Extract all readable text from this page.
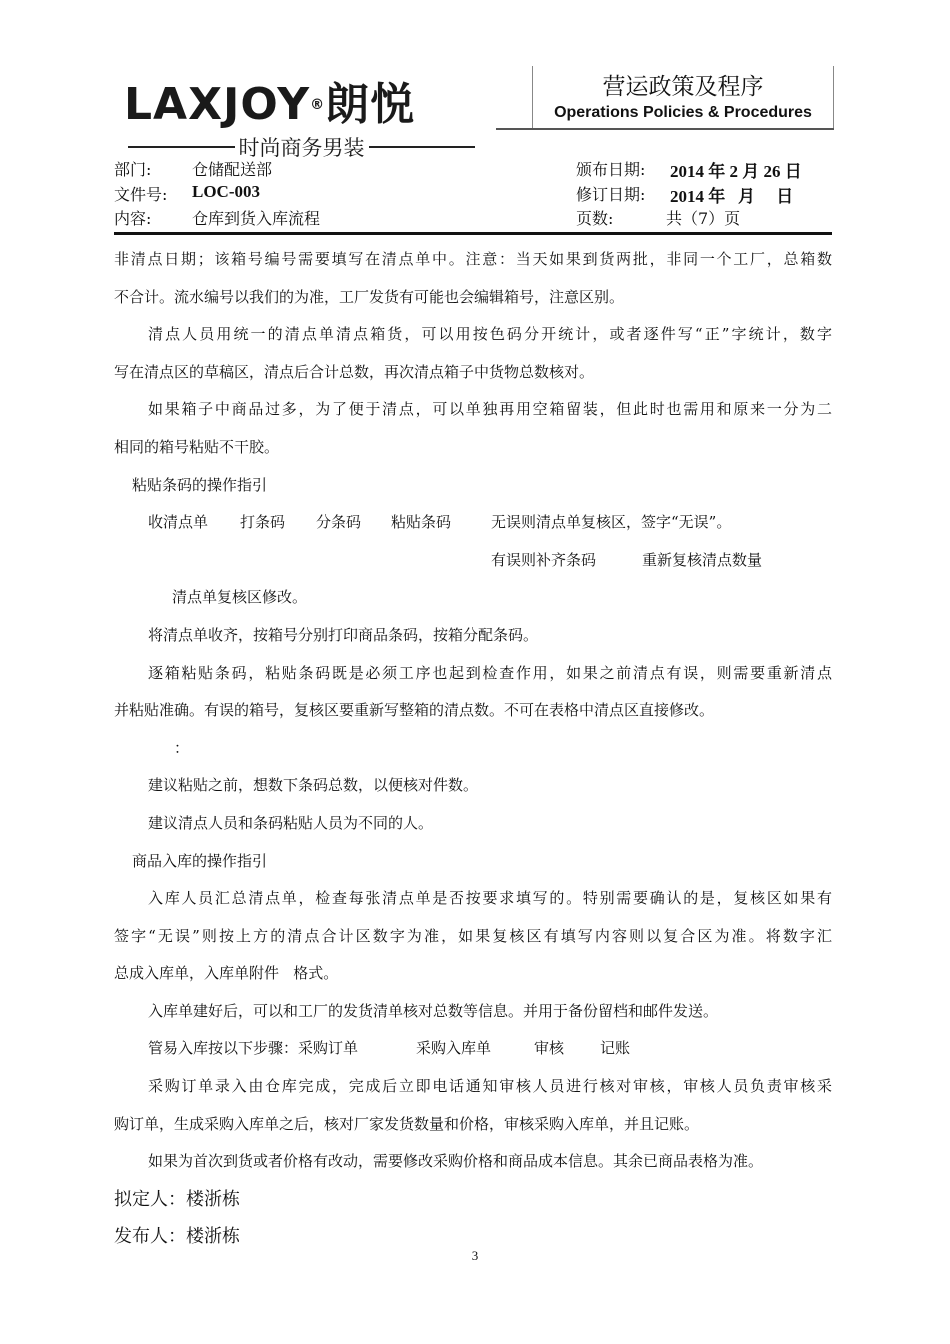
LAXJOY®朗悦
时尚商务男装
营运政策及程序
Operations Policies & Procedures
部门:	仓储配送部	颁布日期: 2014 年 2 月 26 日
文件号: LOC-003	修订日期: 2014 年   月     日
内容:	仓库到货入库流程	页数:	共（7）页

非清点日期；该箱号编号需要填写在清点单中。注意：当天如果到货两批，非同一个工厂，总箱数

不合计。流水编号以我们的为准，工厂发货有可能也会编辑箱号，注意区别。

清点人员用统一的清点单清点箱货，可以用按色码分开统计，或者逐件写“正”字统计，数字

写在清点区的草稿区，清点后合计总数，再次清点箱子中货物总数核对。

如果箱子中商品过多，为了便于清点，可以单独再用空箱留装，但此时也需用和原来一分为二

相同的箱号粘贴不干胶。

粘贴条码的操作指引

收清点单 打条码 分条码 粘贴条码	无误则清点单复核区，签字“无误”。

有误则补齐条码	重新复核清点数量

清点单复核区修改。

将清点单收齐，按箱号分别打印商品条码，按箱分配条码。

逐箱粘贴条码，粘贴条码既是必须工序也起到检查作用，如果之前清点有误，则需要重新清点

并粘贴准确。有误的箱号，复核区要重新写整箱的清点数。不可在表格中清点区直接修改。

：

建议粘贴之前，想数下条码总数，以便核对件数。

建议清点人员和条码粘贴人员为不同的人。

商品入库的操作指引

入库人员汇总清点单，检查每张清点单是否按要求填写的。特别需要确认的是，复核区如果有

签字“无误”则按上方的清点合计区数字为准，如果复核区有填写内容则以复合区为准。将数字汇

总成入库单，入库单附件   格式。

入库单建好后，可以和工厂的发货清单核对总数等信息。并用于备份留档和邮件发送。

管易入库按以下步骤：采购订单	采购入库单	审核 记账

采购订单录入由仓库完成，完成后立即电话通知审核人员进行核对审核，审核人员负责审核采

购订单，生成采购入库单之后，核对厂家发货数量和价格，审核采购入库单，并且记账。

如果为首次到货或者价格有改动，需要修改采购价格和商品成本信息。其余已商品表格为准。

拟定人：楼浙栋

发布人：楼浙栋

3
